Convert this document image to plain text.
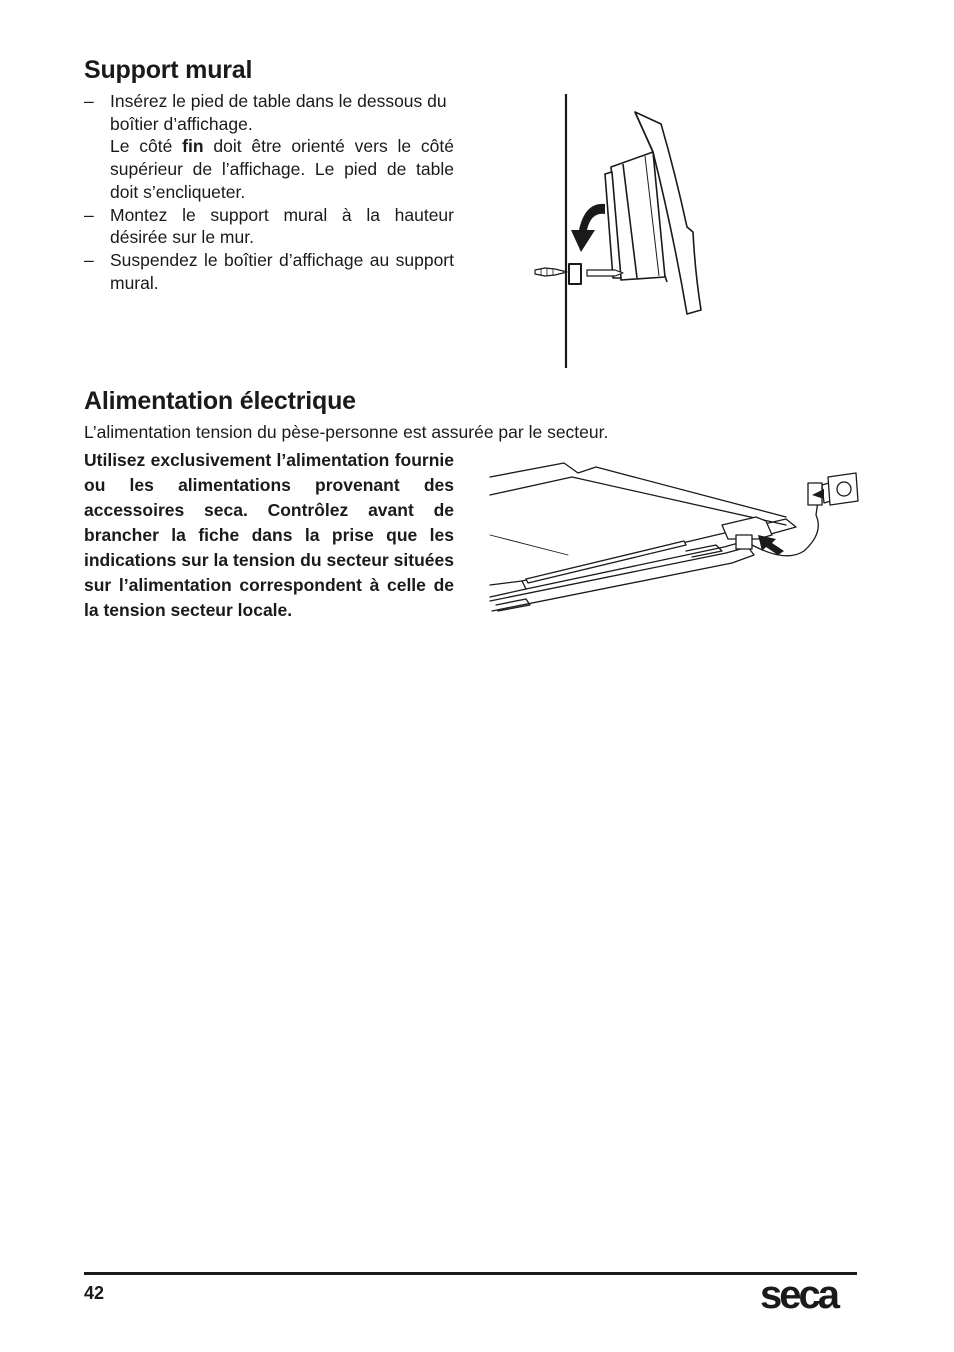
Support mural
– Insérez le pied de table dans le dessous du boîtier d’affichage.

Le côté fin doit être orienté vers le côté supérieur de l’affichage. Le pied de table doit s’encliqueter.

– Montez le support mural à la hauteur désirée sur le mur.

– Suspendez le boîtier d’affichage au support mural.

Alimentation électrique

L’alimentation tension du pèse-personne est assurée par le secteur.

Utilisez exclusivement l’alimentation fournie ou les alimentations provenant des accessoires seca. Contrôlez avant de brancher la fiche dans la prise que les indications sur la tension du secteur situées sur l’alimentation correspondent à celle de la tension secteur locale.

42	seca
